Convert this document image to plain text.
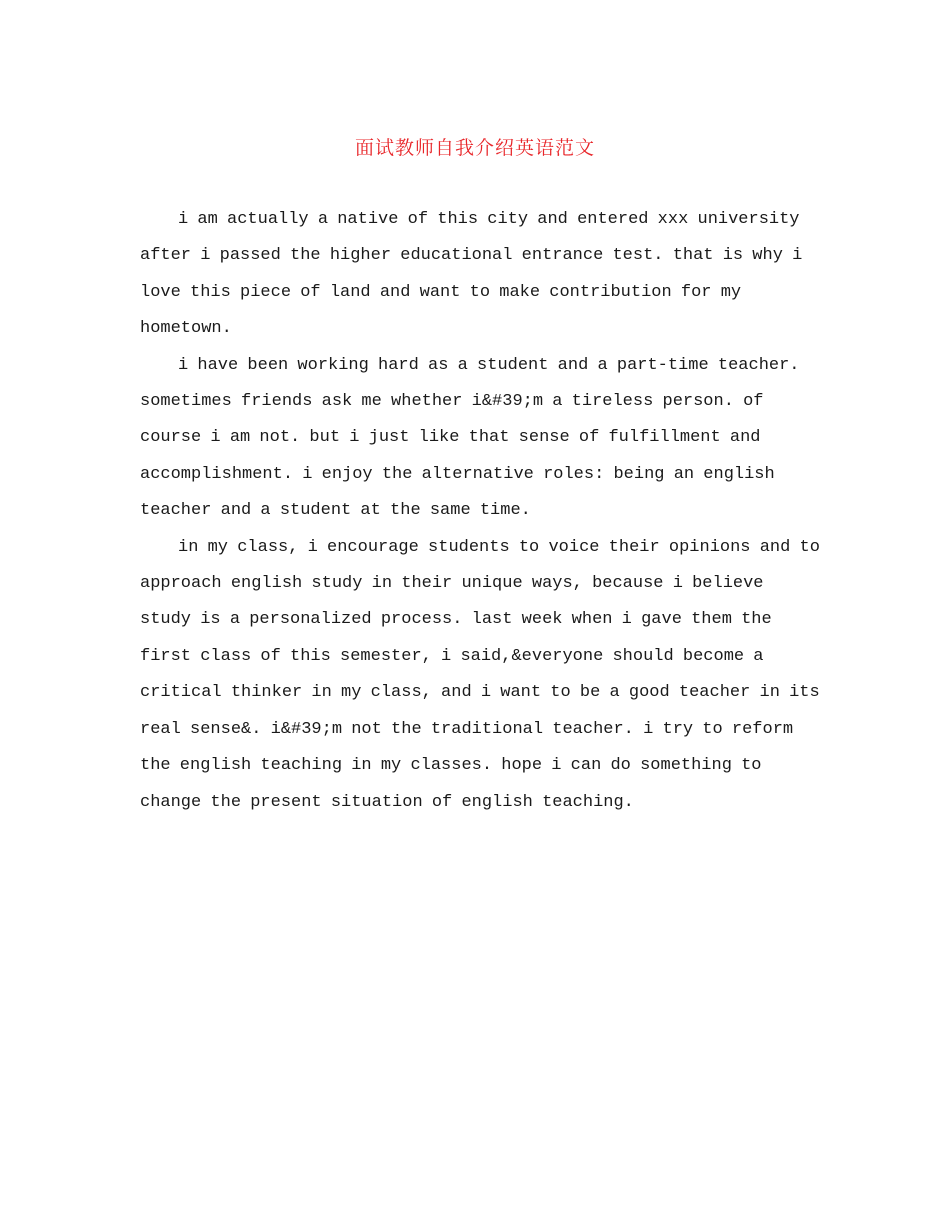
面试教师自我介绍英语范文

i am actually a native of this city and entered xxx university after i passed the higher educational entrance test. that is why i love this piece of land and want to make contribution for my hometown.

i have been working hard as a student and a part-time teacher. sometimes friends ask me whether i&#39;m a tireless person. of course i am not. but i just like that sense of fulfillment and accomplishment. i enjoy the alternative roles: being an english teacher and a student at the same time.

in my class, i encourage students to voice their opinions and to approach english study in their unique ways, because i believe study is a personalized process. last week when i gave them the first class of this semester, i said,&everyone should become a critical thinker in my class, and i want to be a good teacher in its real sense&. i&#39;m not the traditional teacher. i try to reform the english teaching in my classes. hope i can do something to change the present situation of english teaching.
